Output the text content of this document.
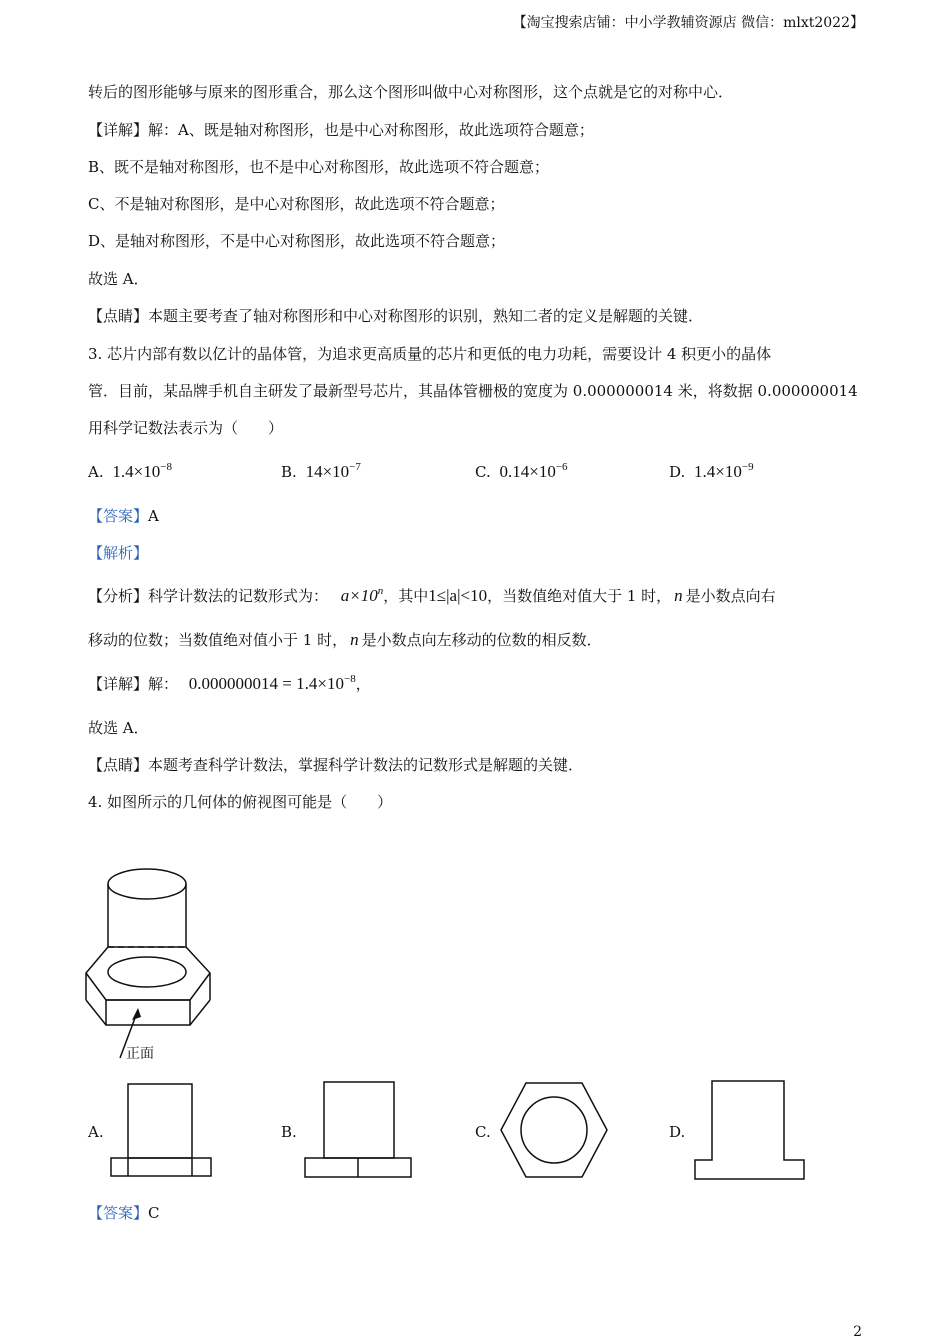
【淘宝搜索店铺：中小学教辅资源店 微信：mlxt2022】
转后的图形能够与原来的图形重合，那么这个图形叫做中心对称图形，这个点就是它的对称中心．
【详解】解：A、既是轴对称图形，也是中心对称图形，故此选项符合题意；
B、既不是轴对称图形，也不是中心对称图形，故此选项不符合题意；
C、不是轴对称图形，是中心对称图形，故此选项不符合题意；
D、是轴对称图形，不是中心对称图形，故此选项不符合题意；
故选 A．
【点睛】本题主要考查了轴对称图形和中心对称图形的识别，熟知二者的定义是解题的关键．
3. 芯片内部有数以亿计的晶体管，为追求更高质量的芯片和更低的电力功耗，需要设计 4 积更小的晶体
管．目前，某品牌手机自主研发了最新型号芯片，其晶体管栅极的宽度为 0.000000014 米，将数据 0.000000014
用科学记数法表示为（　　）
A. $1.4\times 10^{-8}$	B. $14\times 10^{-7}$	C. $0.14\times 10^{-6}$	D. $1.4\times 10^{-9}$
【答案】A
【解析】
【分析】科学计数法的记数形式为： $a\times 10^n$，其中1≤|a|<10，当数值绝对值大于 1 时， n 是小数点向右
移动的位数；当数值绝对值小于 1 时， n 是小数点向左移动的位数的相反数．
【详解】解： $0.000000014 = 1.4\times 10^{-8}$，
故选 A．
【点睛】本题考查科学计数法，掌握科学计数法的记数形式是解题的关键．
4. 如图所示的几何体的俯视图可能是（　　）
正面
A.	B.	C.	D.
【答案】C
2
